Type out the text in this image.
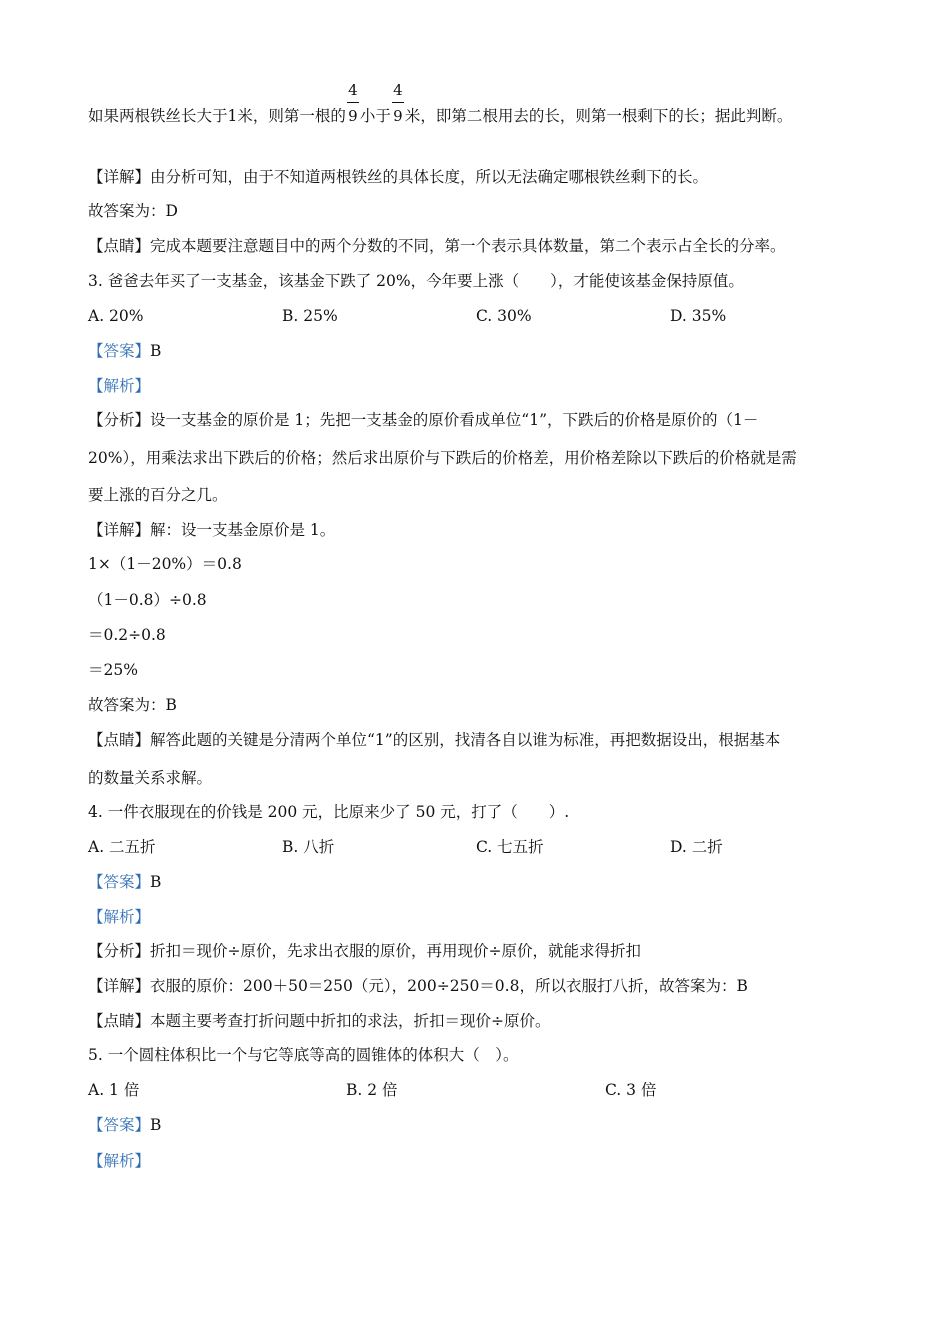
如果两根铁丝长大于1米，则第一根的 $\frac{4}{9}$ 小于 $\frac{4}{9}$ 米，即第二根用去的长，则第一根剩下的长；据此判断。
【详解】由分析可知，由于不知道两根铁丝的具体长度，所以无法确定哪根铁丝剩下的长。
故答案为：D
【点睛】完成本题要注意题目中的两个分数的不同，第一个表示具体数量，第二个表示占全长的分率。
3. 爸爸去年买了一支基金，该基金下跌了 20%，今年要上涨（　　），才能使该基金保持原值。
A. 20%	B. 25%	C. 30%	D. 35%
【答案】B
【解析】
【分析】设一支基金的原价是 1；先把一支基金的原价看成单位“1”，下跌后的价格是原价的（1－
20%），用乘法求出下跌后的价格；然后求出原价与下跌后的价格差，用价格差除以下跌后的价格就是需
要上涨的百分之几。
【详解】解：设一支基金原价是 1。
1×（1－20%）＝0.8
（1－0.8）÷0.8
＝0.2÷0.8
＝25%
故答案为：B
【点睛】解答此题的关键是分清两个单位“1”的区别，找清各自以谁为标准，再把数据设出，根据基本
的数量关系求解。
4. 一件衣服现在的价钱是 200 元，比原来少了 50 元，打了（　　）.
A. 二五折	B. 八折	C. 七五折	D. 二折
【答案】B
【解析】
【分析】折扣＝现价÷原价，先求出衣服的原价，再用现价÷原价，就能求得折扣
【详解】衣服的原价：200＋50＝250（元），200÷250＝0.8，所以衣服打八折，故答案为：B
【点睛】本题主要考查打折问题中折扣的求法，折扣＝现价÷原价。
5. 一个圆柱体积比一个与它等底等高的圆锥体的体积大（　）。
A. 1 倍	B. 2 倍	C. 3 倍
【答案】B
【解析】
